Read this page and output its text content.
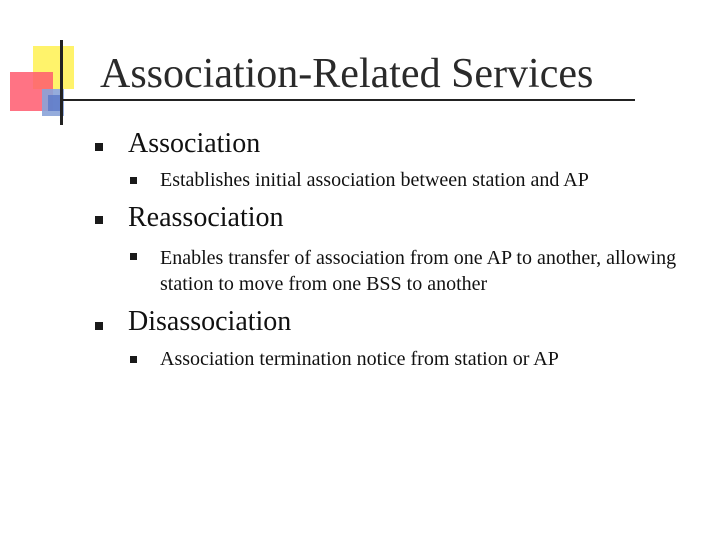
Association-Related Services
Association
Establishes initial association between station and AP
Reassociation
Enables transfer of association from one AP to another, allowing station to move from one BSS to another
Disassociation
Association termination notice from station or AP
